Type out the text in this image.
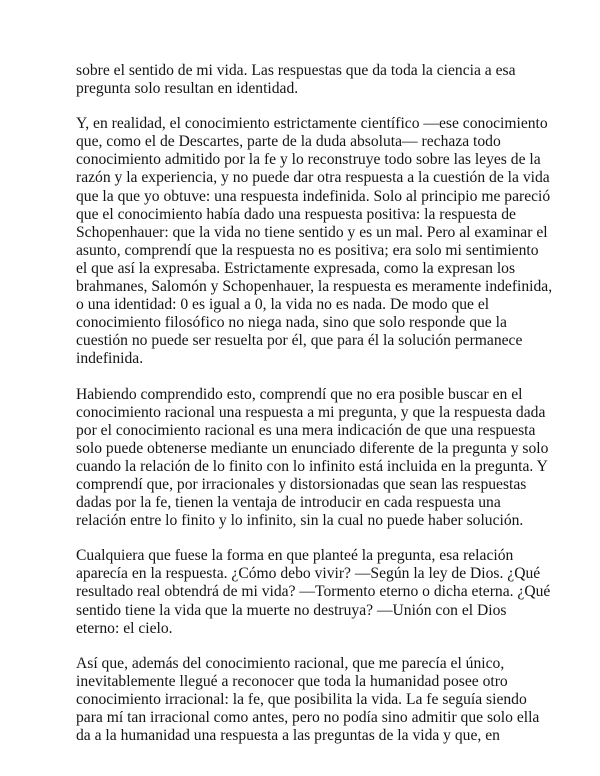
sobre el sentido de mi vida. Las respuestas que da toda la ciencia a esa
pregunta solo resultan en identidad.

Y, en realidad, el conocimiento estrictamente científico —ese conocimiento
que, como el de Descartes, parte de la duda absoluta— rechaza todo
conocimiento admitido por la fe y lo reconstruye todo sobre las leyes de la
razón y la experiencia, y no puede dar otra respuesta a la cuestión de la vida
que la que yo obtuve: una respuesta indefinida. Solo al principio me pareció
que el conocimiento había dado una respuesta positiva: la respuesta de
Schopenhauer: que la vida no tiene sentido y es un mal. Pero al examinar el
asunto, comprendí que la respuesta no es positiva; era solo mi sentimiento
el que así la expresaba. Estrictamente expresada, como la expresan los
brahmanes, Salomón y Schopenhauer, la respuesta es meramente indefinida,
o una identidad: 0 es igual a 0, la vida no es nada. De modo que el
conocimiento filosófico no niega nada, sino que solo responde que la
cuestión no puede ser resuelta por él, que para él la solución permanece
indefinida.

Habiendo comprendido esto, comprendí que no era posible buscar en el
conocimiento racional una respuesta a mi pregunta, y que la respuesta dada
por el conocimiento racional es una mera indicación de que una respuesta
solo puede obtenerse mediante un enunciado diferente de la pregunta y solo
cuando la relación de lo finito con lo infinito está incluida en la pregunta. Y
comprendí que, por irracionales y distorsionadas que sean las respuestas
dadas por la fe, tienen la ventaja de introducir en cada respuesta una
relación entre lo finito y lo infinito, sin la cual no puede haber solución.

Cualquiera que fuese la forma en que planteé la pregunta, esa relación
aparecía en la respuesta. ¿Cómo debo vivir? —Según la ley de Dios. ¿Qué
resultado real obtendrá de mi vida? —Tormento eterno o dicha eterna. ¿Qué
sentido tiene la vida que la muerte no destruya? —Unión con el Dios
eterno: el cielo.

Así que, además del conocimiento racional, que me parecía el único,
inevitablemente llegué a reconocer que toda la humanidad posee otro
conocimiento irracional: la fe, que posibilita la vida. La fe seguía siendo
para mí tan irracional como antes, pero no podía sino admitir que solo ella
da a la humanidad una respuesta a las preguntas de la vida y que, en
